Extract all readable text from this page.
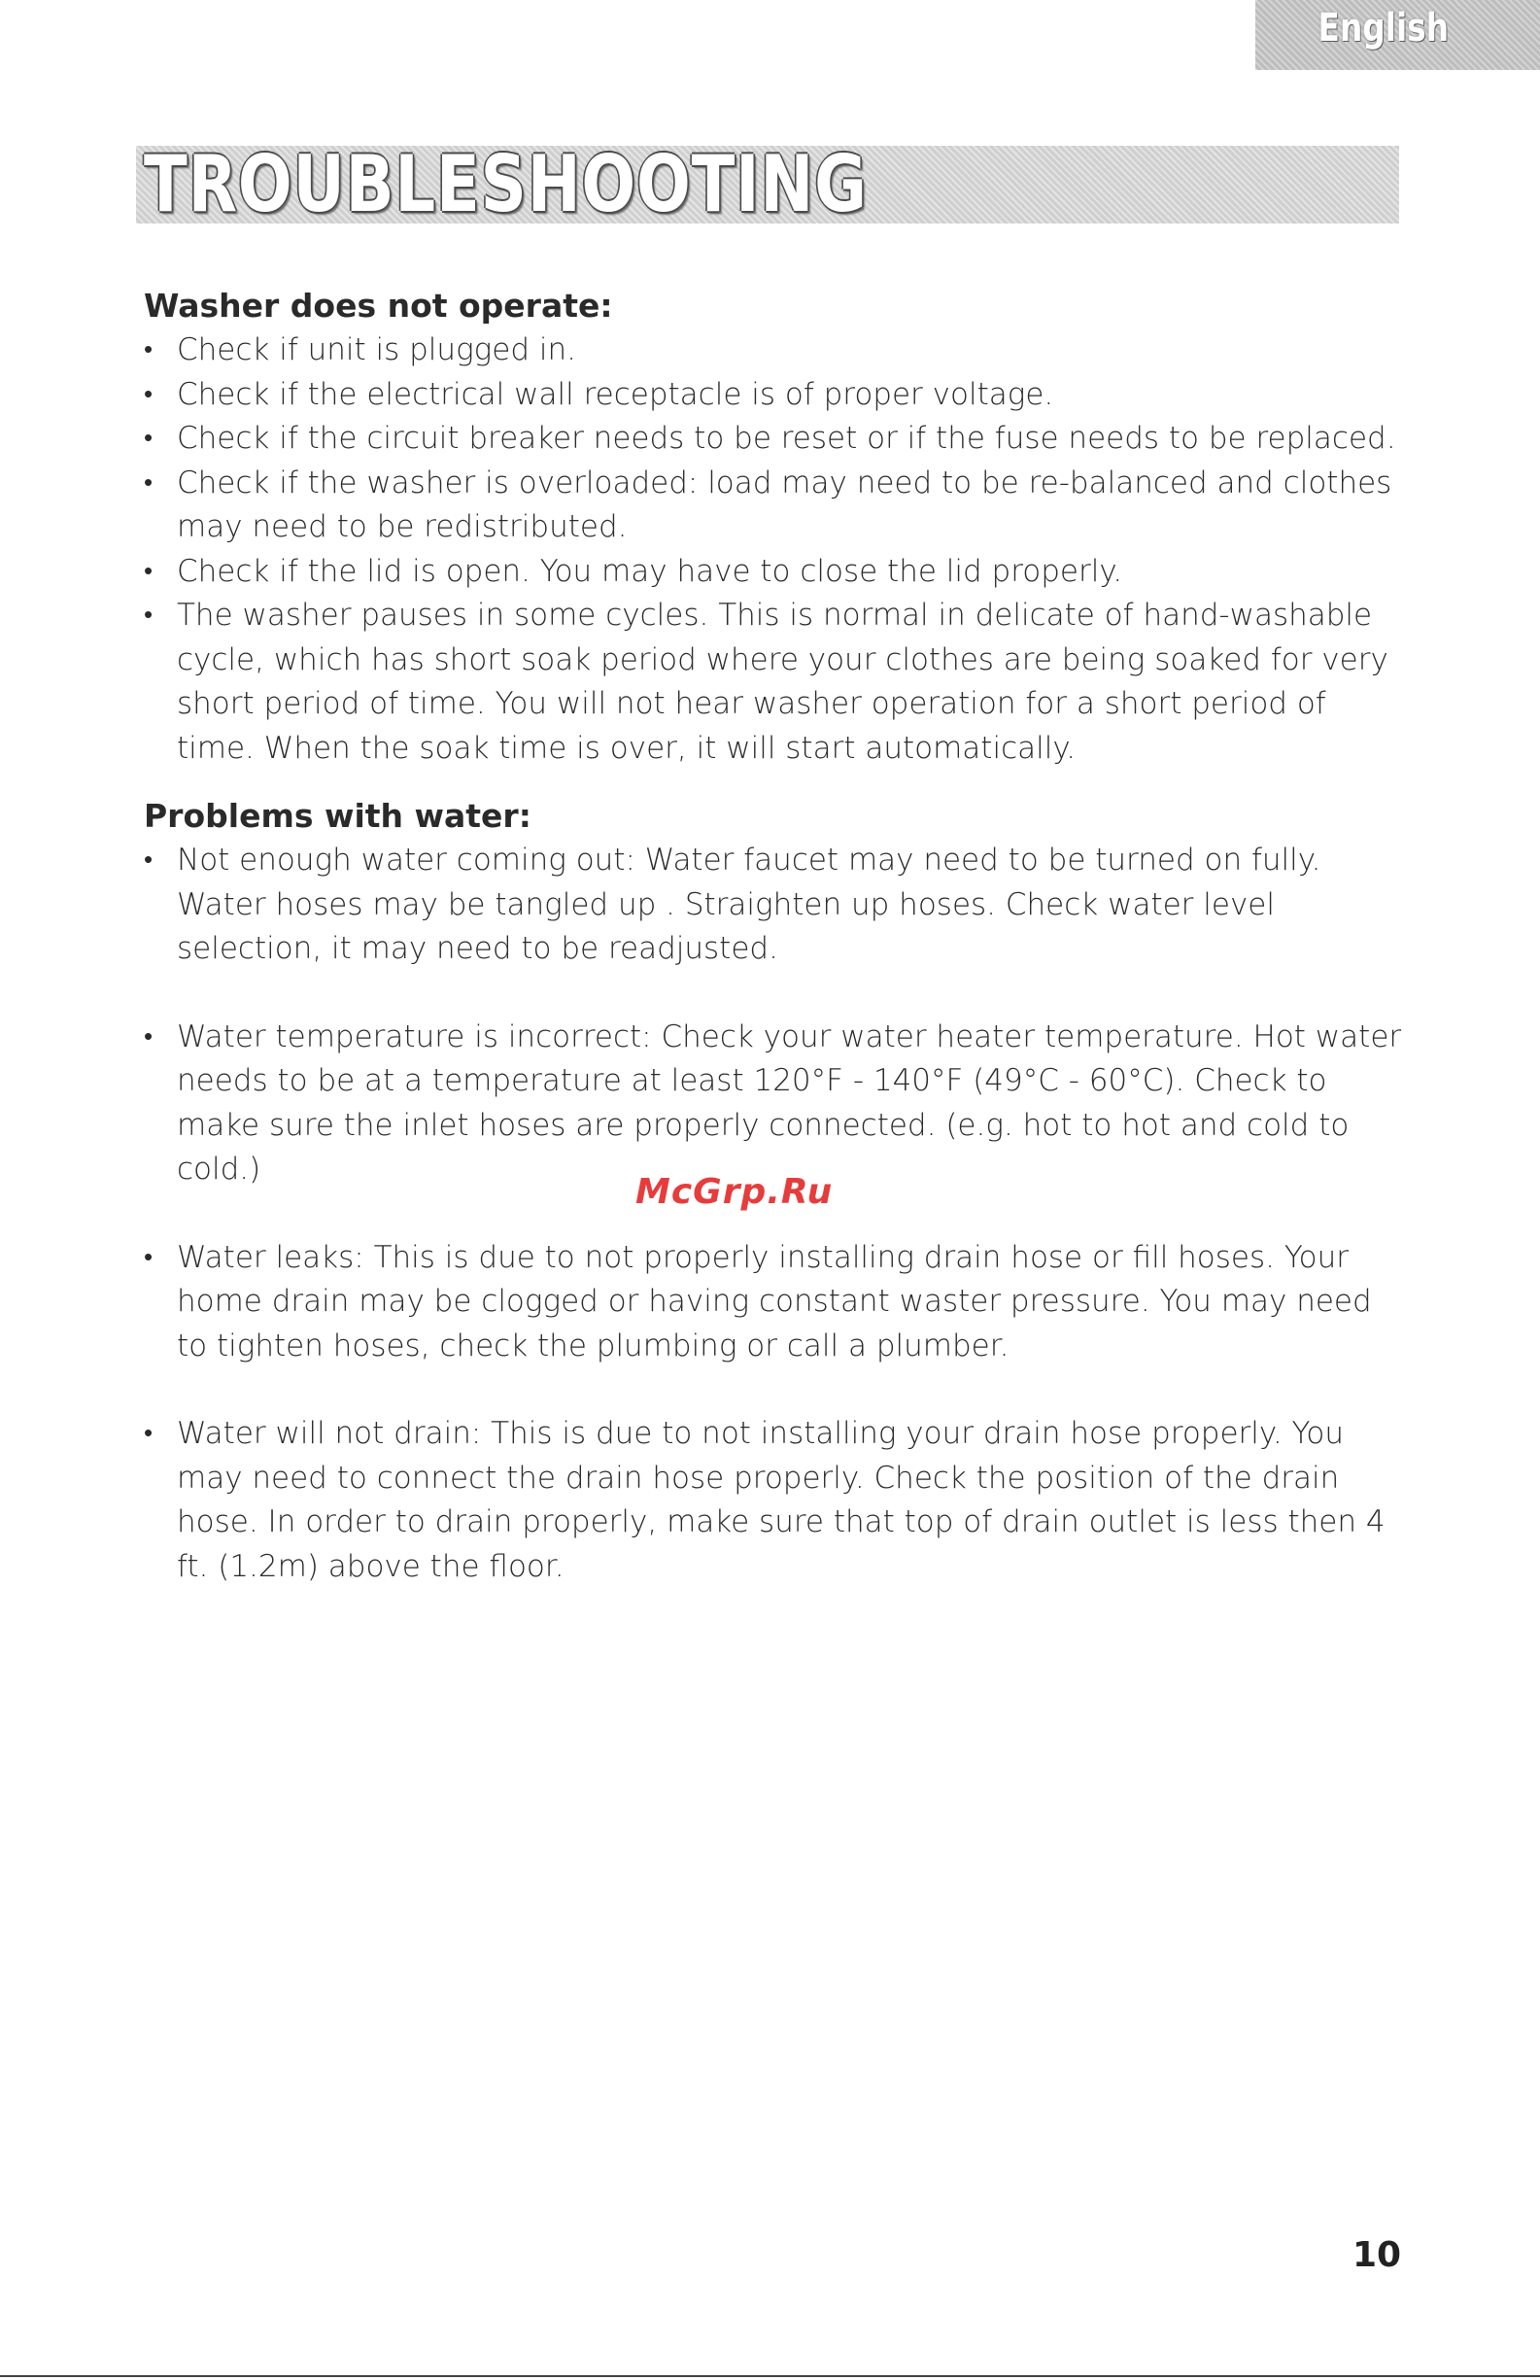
English
TROUBLESHOOTING
Washer does not operate:
• Check if unit is plugged in.
• Check if the electrical wall receptacle is of proper voltage.
• Check if the circuit breaker needs to be reset or if the fuse needs to be replaced.
• Check if the washer is overloaded: load may need to be re-balanced and clothes may need to be redistributed.
• Check if the lid is open. You may have to close the lid properly.
• The washer pauses in some cycles. This is normal in delicate of hand-washable cycle, which has short soak period where your clothes are being soaked for very short period of time. You will not hear washer operation for a short period of time. When the soak time is over, it will start automatically.
Problems with water:
• Not enough water coming out: Water faucet may need to be turned on fully. Water hoses may be tangled up . Straighten up hoses. Check water level selection, it may need to be readjusted.
• Water temperature is incorrect: Check your water heater temperature. Hot water needs to be at a temperature at least 120°F - 140°F (49°C - 60°C). Check to make sure the inlet hoses are properly connected. (e.g. hot to hot and cold to cold.)
• Water leaks: This is due to not properly installing drain hose or fill hoses. Your home drain may be clogged or having constant waster pressure. You may need to tighten hoses, check the plumbing or call a plumber.
• Water will not drain: This is due to not installing your drain hose properly. You may need to connect the drain hose properly. Check the position of the drain hose. In order to drain properly, make sure that top of drain outlet is less then 4 ft. (1.2m) above the floor.
McGrp.Ru
10
